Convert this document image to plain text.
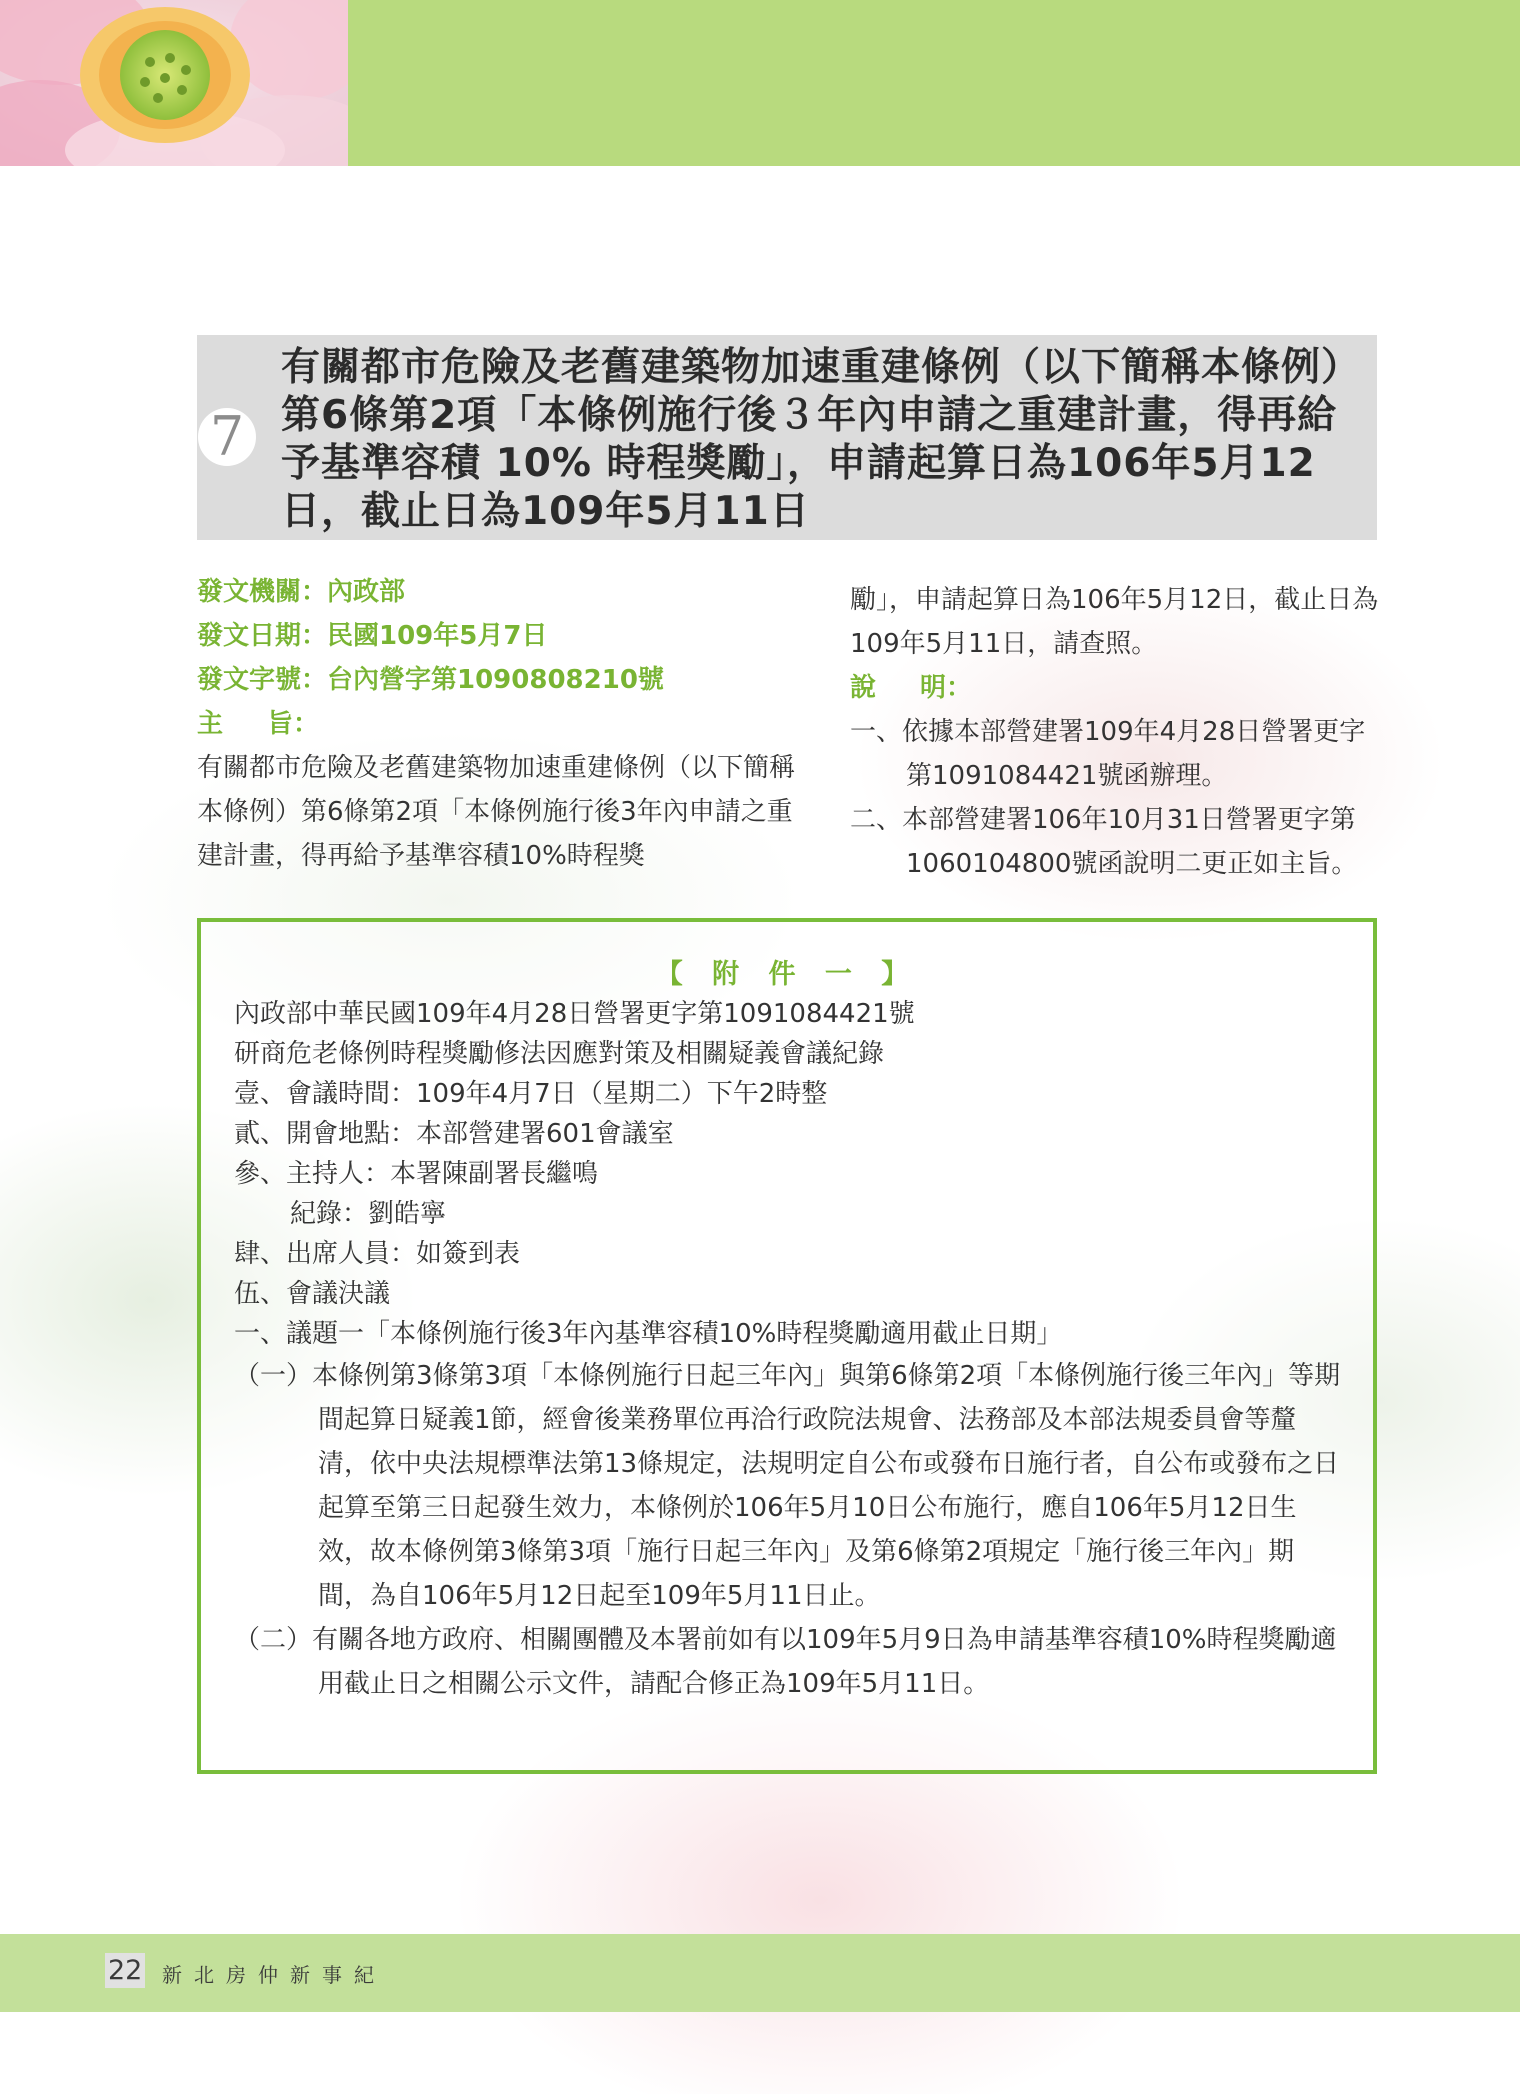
7
有關都市危險及老舊建築物加速重建條例（以下簡稱本條例）第6條第2項「本條例施行後３年內申請之重建計畫，得再給予基準容積 10% 時程獎勵」，申請起算日為106年5月12日，截止日為109年5月11日
發文機關：內政部
發文日期：民國109年5月7日
發文字號：台內營字第1090808210號
主 旨：
有關都市危險及老舊建築物加速重建條例（以下簡稱本條例）第6條第2項「本條例施行後3年內申請之重建計畫，得再給予基準容積10%時程獎
勵」，申請起算日為106年5月12日，截止日為109年5月11日，請查照。
說 明：
一、依據本部營建署109年4月28日營署更字第1091084421號函辦理。
二、本部營建署106年10月31日營署更字第1060104800號函說明二更正如主旨。
【 附 件 一 】
內政部中華民國109年4月28日營署更字第1091084421號
研商危老條例時程獎勵修法因應對策及相關疑義會議紀錄
壹、會議時間：109年4月7日（星期二）下午2時整
貳、開會地點：本部營建署601會議室
參、主持人：本署陳副署長繼鳴
紀錄：劉皓寧
肆、出席人員：如簽到表
伍、會議決議
一、議題一「本條例施行後3年內基準容積10%時程獎勵適用截止日期」
（一）本條例第3條第3項「本條例施行日起三年內」與第6條第2項「本條例施行後三年內」等期間起算日疑義1節，經會後業務單位再洽行政院法規會、法務部及本部法規委員會等釐清，依中央法規標準法第13條規定，法規明定自公布或發布日施行者，自公布或發布之日起算至第三日起發生效力，本條例於106年5月10日公布施行，應自106年5月12日生效，故本條例第3條第3項「施行日起三年內」及第6條第2項規定「施行後三年內」期間，為自106年5月12日起至109年5月11日止。
（二）有關各地方政府、相關團體及本署前如有以109年5月9日為申請基準容積10%時程獎勵適用截止日之相關公示文件，請配合修正為109年5月11日。
22 新北房仲新事紀
